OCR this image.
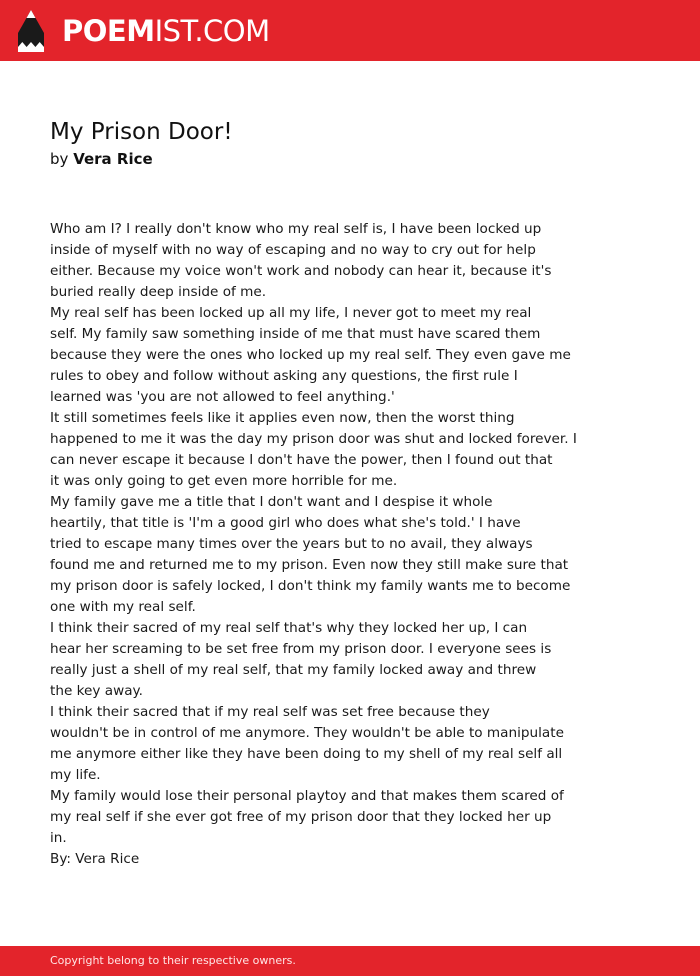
POEMIST.COM
My Prison Door!
by Vera Rice
Who am I? I really don't know who my real self is, I have been locked up
inside of myself with no way of escaping and no way to cry out for help
either. Because my voice won't work and nobody can hear it, because it's
buried really deep inside of me.
My real self has been locked up all my life, I never got to meet my real
self. My family saw something inside of me that must have scared them
because they were the ones who locked up my real self. They even gave me
rules to obey and follow without asking any questions, the first rule I
learned was 'you are not allowed to feel anything.'
It still sometimes feels like it applies even now, then the worst thing
happened to me it was the day my prison door was shut and locked forever. I
can never escape it because I don't have the power, then I found out that
it was only going to get even more horrible for me.
My family gave me a title that I don't want and I despise it whole
heartily, that title is 'I'm a good girl who does what she's told.' I have
tried to escape many times over the years but to no avail, they always
found me and returned me to my prison. Even now they still make sure that
my prison door is safely locked, I don't think my family wants me to become
one with my real self.
I think their sacred of my real self that's why they locked her up, I can
hear her screaming to be set free from my prison door. I everyone sees is
really just a shell of my real self, that my family locked away and threw
the key away.
I think their sacred that if my real self was set free because they
wouldn't be in control of me anymore. They wouldn't be able to manipulate
me anymore either like they have been doing to my shell of my real self all
my life.
My family would lose their personal playtoy and that makes them scared of
my real self if she ever got free of my prison door that they locked her up
in.
By: Vera Rice
Copyright belong to their respective owners.
